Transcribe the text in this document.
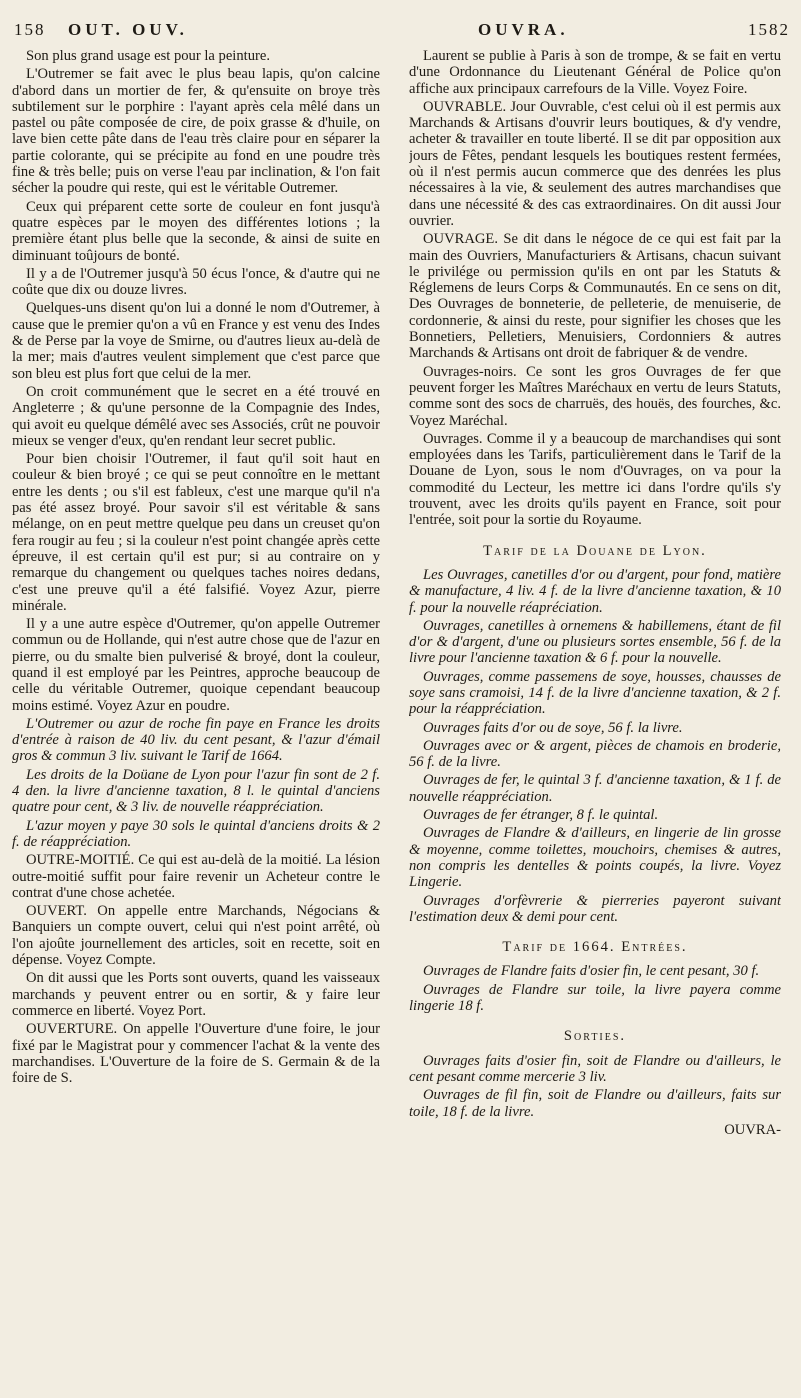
158 OUT. OUV.	OUVRA.	1582

Son plus grand usage est pour la peinture.

L'Outremer se fait avec le plus beau lapis, qu'on calcine d'abord dans un mortier de fer, & qu'ensuite on broye très subtilement sur le porphire : l'ayant après cela mêlé dans un pastel ou pâte composée de cire, de poix grasse & d'huile, on lave bien cette pâte dans de l'eau très claire pour en séparer la partie colorante, qui se précipite au fond en une poudre très fine & très belle; puis on verse l'eau par inclination, & l'on fait sécher la poudre qui reste, qui est le véritable Outremer.

Ceux qui préparent cette sorte de couleur en font jusqu'à quatre espèces par le moyen des différentes lotions ; la première étant plus belle que la seconde, & ainsi de suite en diminuant toûjours de bonté.

Il y a de l'Outremer jusqu'à 50 écus l'once, & d'autre qui ne coûte que dix ou douze livres.

Quelques-uns disent qu'on lui a donné le nom d'Outremer, à cause que le premier qu'on a vû en France y est venu des Indes & de Perse par la voye de Smirne, ou d'autres lieux au-delà de la mer; mais d'autres veulent simplement que c'est parce que son bleu est plus fort que celui de la mer.

On croit communément que le secret en a été trouvé en Angleterre ; & qu'une personne de la Compagnie des Indes, qui avoit eu quelque démêlé avec ses Associés, crût ne pouvoir mieux se venger d'eux, qu'en rendant leur secret public.

Pour bien choisir l'Outremer, il faut qu'il soit haut en couleur & bien broyé ; ce qui se peut connoître en le mettant entre les dents ; ou s'il est fableux, c'est une marque qu'il n'a pas été assez broyé. Pour savoir s'il est véritable & sans mélange, on en peut mettre quelque peu dans un creuset qu'on fera rougir au feu ; si la couleur n'est point changée après cette épreuve, il est certain qu'il est pur; si au contraire on y remarque du changement ou quelques taches noires dedans, c'est une preuve qu'il a été falsifié. Voyez Azur, pierre minérale.

Il y a une autre espèce d'Outremer, qu'on appelle Outremer commun ou de Hollande, qui n'est autre chose que de l'azur en pierre, ou du smalte bien pulverisé & broyé, dont la couleur, quand il est employé par les Peintres, approche beaucoup de celle du véritable Outremer, quoique cependant beaucoup moins estimé. Voyez Azur en poudre.

L'Outremer ou azur de roche fin paye en France les droits d'entrée à raison de 40 liv. du cent pesant, & l'azur d'émail gros & commun 3 liv. suivant le Tarif de 1664.

Les droits de la Doüane de Lyon pour l'azur fin sont de 2 f. 4 den. la livre d'ancienne taxation, 8 l. le quintal d'anciens quatre pour cent, & 3 liv. de nouvelle réappréciation.

L'azur moyen y paye 30 sols le quintal d'anciens droits & 2 f. de réappréciation.

OUTRE-MOITIÉ. Ce qui est au-delà de la moitié. La lésion outre-moitié suffit pour faire revenir un Acheteur contre le contrat d'une chose achetée.

OUVERT. On appelle entre Marchands, Négocians & Banquiers un compte ouvert, celui qui n'est point arrêté, où l'on ajoûte journellement des articles, soit en recette, soit en dépense. Voyez Compte.

On dit aussi que les Ports sont ouverts, quand les vaisseaux marchands y peuvent entrer ou en sortir, & y faire leur commerce en liberté. Voyez Port.

OUVERTURE. On appelle l'Ouverture d'une foire, le jour fixé par le Magistrat pour y commencer l'achat & la vente des marchandises. L'Ouverture de la foire de S. Germain & de la foire de S.

Laurent se publie à Paris à son de trompe, & se fait en vertu d'une Ordonnance du Lieutenant Général de Police qu'on affiche aux principaux carrefours de la Ville. Voyez Foire.

OUVRABLE. Jour Ouvrable, c'est celui où il est permis aux Marchands & Artisans d'ouvrir leurs boutiques, & d'y vendre, acheter & travailler en toute liberté. Il se dit par opposition aux jours de Fêtes, pendant lesquels les boutiques restent fermées, où il n'est permis aucun commerce que des denrées les plus nécessaires à la vie, & seulement des autres marchandises que dans une nécessité & des cas extraordinaires. On dit aussi Jour ouvrier.

OUVRAGE. Se dit dans le négoce de ce qui est fait par la main des Ouvriers, Manufacturiers & Artisans, chacun suivant le privilége ou permission qu'ils en ont par les Statuts & Réglemens de leurs Corps & Communautés. En ce sens on dit, Des Ouvrages de bonneterie, de pelleterie, de menuiserie, de cordonnerie, & ainsi du reste, pour signifier les choses que les Bonnetiers, Pelletiers, Menuisiers, Cordonniers & autres Marchands & Artisans ont droit de fabriquer & de vendre.

Ouvrages-noirs. Ce sont les gros Ouvrages de fer que peuvent forger les Maîtres Maréchaux en vertu de leurs Statuts, comme sont des socs de charruës, des houës, des fourches, &c. Voyez Maréchal.

Ouvrages. Comme il y a beaucoup de marchandises qui sont employées dans les Tarifs, particulièrement dans le Tarif de la Douane de Lyon, sous le nom d'Ouvrages, on va pour la commodité du Lecteur, les mettre ici dans l'ordre qu'ils s'y trouvent, avec les droits qu'ils payent en France, soit pour l'entrée, soit pour la sortie du Royaume.

Tarif de la Douane de Lyon.

Les Ouvrages, canetilles d'or ou d'argent, pour fond, matière & manufacture, 4 liv. 4 f. de la livre d'ancienne taxation, & 10 f. pour la nouvelle réapréciation.

Ouvrages, canetilles à ornemens & habillemens, étant de fil d'or & d'argent, d'une ou plusieurs sortes ensemble, 56 f. de la livre pour l'ancienne taxation & 6 f. pour la nouvelle.

Ouvrages, comme passemens de soye, housses, chausses de soye sans cramoisi, 14 f. de la livre d'ancienne taxation, & 2 f. pour la réappréciation.

Ouvrages faits d'or ou de soye, 56 f. la livre.

Ouvrages avec or & argent, pièces de chamois en broderie, 56 f. de la livre.

Ouvrages de fer, le quintal 3 f. d'ancienne taxation, & 1 f. de nouvelle réappréciation.

Ouvrages de fer étranger, 8 f. le quintal.

Ouvrages de Flandre & d'ailleurs, en lingerie de lin grosse & moyenne, comme toilettes, mouchoirs, chemises & autres, non compris les dentelles & points coupés, la livre. Voyez Lingerie.

Ouvrages d'orfèvrerie & pierreries payeront suivant l'estimation deux & demi pour cent.

Tarif de 1664. Entrées.

Ouvrages de Flandre faits d'osier fin, le cent pesant, 30 f.

Ouvrages de Flandre sur toile, la livre payera comme lingerie 18 f.

Sorties.

Ouvrages faits d'osier fin, soit de Flandre ou d'ailleurs, le cent pesant comme mercerie 3 liv.

Ouvrages de fil fin, soit de Flandre ou d'ailleurs, faits sur toile, 18 f. de la livre.

OUVRA-
